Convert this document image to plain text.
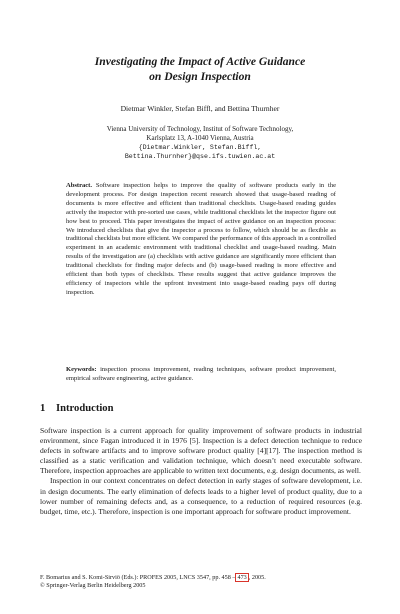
Investigating the Impact of Active Guidance
on Design Inspection
Dietmar Winkler, Stefan Biffl, and Bettina Thurnher
Vienna University of Technology, Institut of Software Technology,
Karlsplatz 13, A-1040 Vienna, Austria
{Dietmar.Winkler, Stefan.Biffl,
Bettina.Thurnher}@qse.ifs.tuwien.ac.at
Abstract. Software inspection helps to improve the quality of software products early in the development process. For design inspection recent research showed that usage-based reading of documents is more effective and efficient than traditional checklists. Usage-based reading guides actively the inspector with pre-sorted use cases, while traditional checklists let the inspector figure out how best to proceed. This paper investigates the impact of active guidance on an inspection process: We introduced checklists that give the inspector a process to follow, which should be as flexible as traditional checklists but more efficient. We compared the performance of this approach in a controlled experiment in an academic environment with traditional checklist and usage-based reading. Main results of the investigation are (a) checklists with active guidance are significantly more efficient than traditional checklists for finding major defects and (b) usage-based reading is more effective and efficient than both types of checklists. These results suggest that active guidance improves the efficiency of inspectors while the upfront investment into usage-based reading pays off during inspection.
Keywords: inspection process improvement, reading techniques, software product improvement, empirical software engineering, active guidance.
1 Introduction

Software inspection is a current approach for quality improvement of software products in industrial environment, since Fagan introduced it in 1976 [5]. Inspection is a defect detection technique to reduce defects in software artifacts and to improve software product quality [4][17]. The inspection method is classified as a static verification and validation technique, which doesn’t need executable software. Therefore, inspection approaches are applicable to written text documents, e.g. design documents, as well.

Inspection in our context concentrates on defect detection in early stages of software development, i.e. in design documents. The early elimination of defects leads to a higher level of product quality, due to a lower number of remaining defects and, as a consequence, to a reduction of required resources (e.g. budget, time, etc.). Therefore, inspection is one important approach for software product improvement.

F. Bomarius and S. Komi-Sirviö (Eds.): PROFES 2005, LNCS 3547, pp. 458 – 473 , 2005.
© Springer-Verlag Berlin Heidelberg 2005
